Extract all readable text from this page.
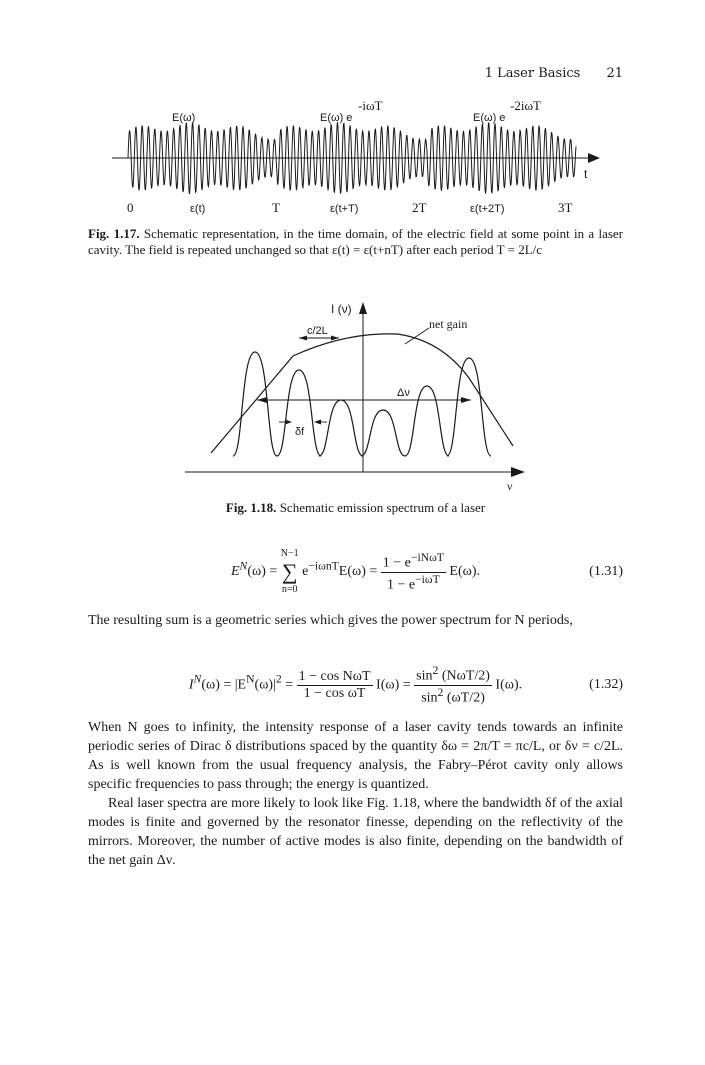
1 Laser Basics 21
t
E(ω)	E(ω) e
-iωT
E(ω) e
-2iωT
0	ε(t)	T	ε(t+T)	2T	ε(t+2T)	3T
Fig. 1.17. Schematic representation, in the time domain, of the electric field at some point in a laser cavity. The field is repeated unchanged so that ε(t) = ε(t+nT) after each period T = 2L/c
I (ν)
ν
Δν
c/2L	net gain
δf
Fig. 1.18. Schematic emission spectrum of a laser
$E^N(\omega)$ =
N−1
∑
n=0
$e^{-i\omega nT}E(\omega) = \frac{1 - e^{-iN\omega T}}{1 - e^{-i\omega T}} E(\omega)$.	(1.31)
The resulting sum is a geometric series which gives the power spectrum for N periods,
$I^N(\omega) = |E^N(\omega)|^2 = \frac{\text{1 − cos NωT}}{\text{1 − cos ωT}} I(\omega) = \frac{\sin^2 (N\omega T/2)}{\sin^2 (\omega T/2)} I(\omega)$.	(1.32)
When N goes to infinity, the intensity response of a laser cavity tends towards an infinite periodic series of Dirac δ distributions spaced by the quantity δω = 2π/T = πc/L, or δν = c/2L. As is well known from the usual frequency analysis, the Fabry–Pérot cavity only allows specific frequencies to pass through; the energy is quantized.
Real laser spectra are more likely to look like Fig. 1.18, where the bandwidth δf of the axial modes is finite and governed by the resonator finesse, depending on the reflectivity of the mirrors. Moreover, the number of active modes is also finite, depending on the bandwidth of the net gain Δν.
